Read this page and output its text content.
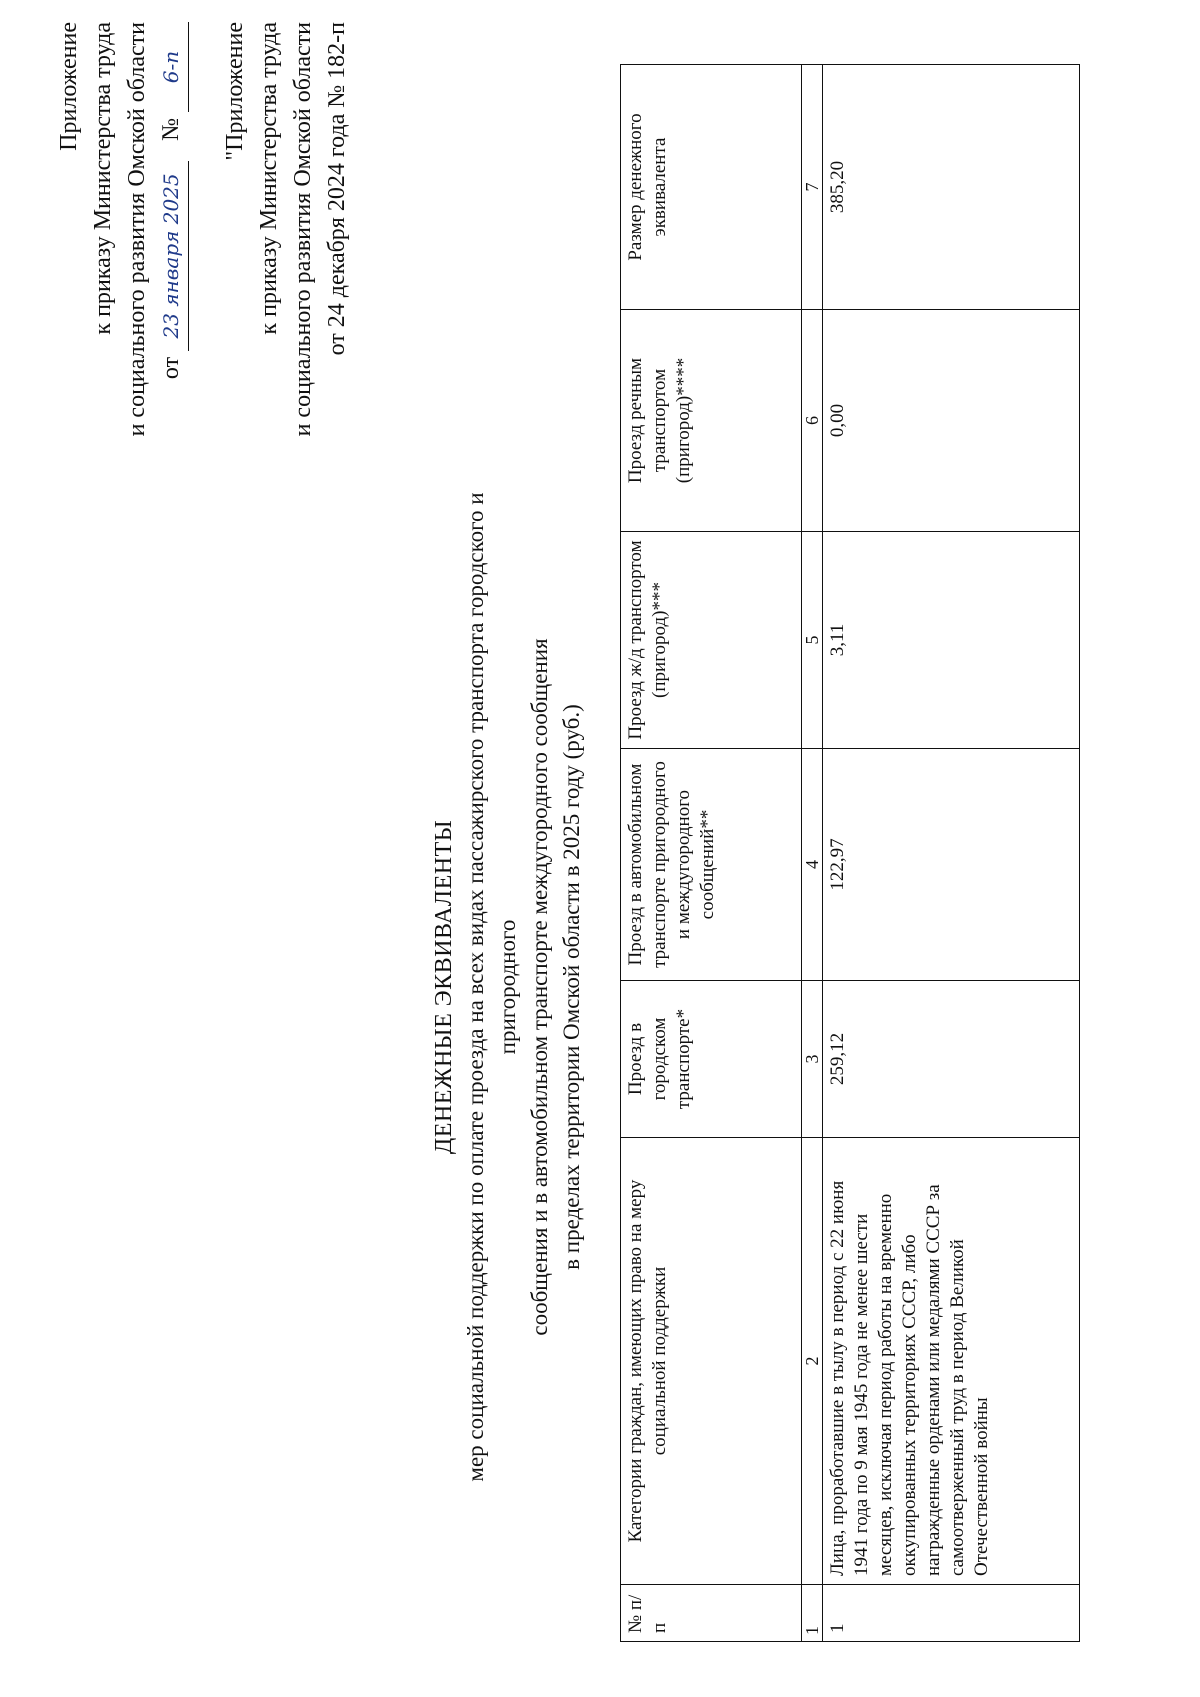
Приложение к приказу Министерства труда и социального развития Омской области от 23 января 2025 № 6-п "Приложение к приказу Министерства труда и социального развития Омской области от 24 декабря 2024 года № 182-п
ДЕНЕЖНЫЕ ЭКВИВАЛЕНТЫ мер социальной поддержки по оплате проезда на всех видах пассажирского транспорта городского и пригородного сообщения и в автомобильном транспорте междугородного сообщения в пределах территории Омской области в 2025 году (руб.)
№ п/п	Категории граждан, имеющих право на меру социальной поддержки	Проезд в городском транспорте*	Проезд в автомобильном транспорте пригородного и междугородного сообщений**	Проезд ж/д транспортом (пригород)***	Проезд речным транспортом (пригород)****	Размер денежного эквивалента
1	2	3	4	5	6	7
1	Лица, проработавшие в тылу в период с 22 июня 1941 года по 9 мая 1945 года не менее шести месяцев, исключая период работы на временно оккупированных территориях СССР, либо награжденные орденами или медалями СССР за самоотверженный труд в период Великой Отечественной войны	259,12	122,97	3,11	0,00	385,20
